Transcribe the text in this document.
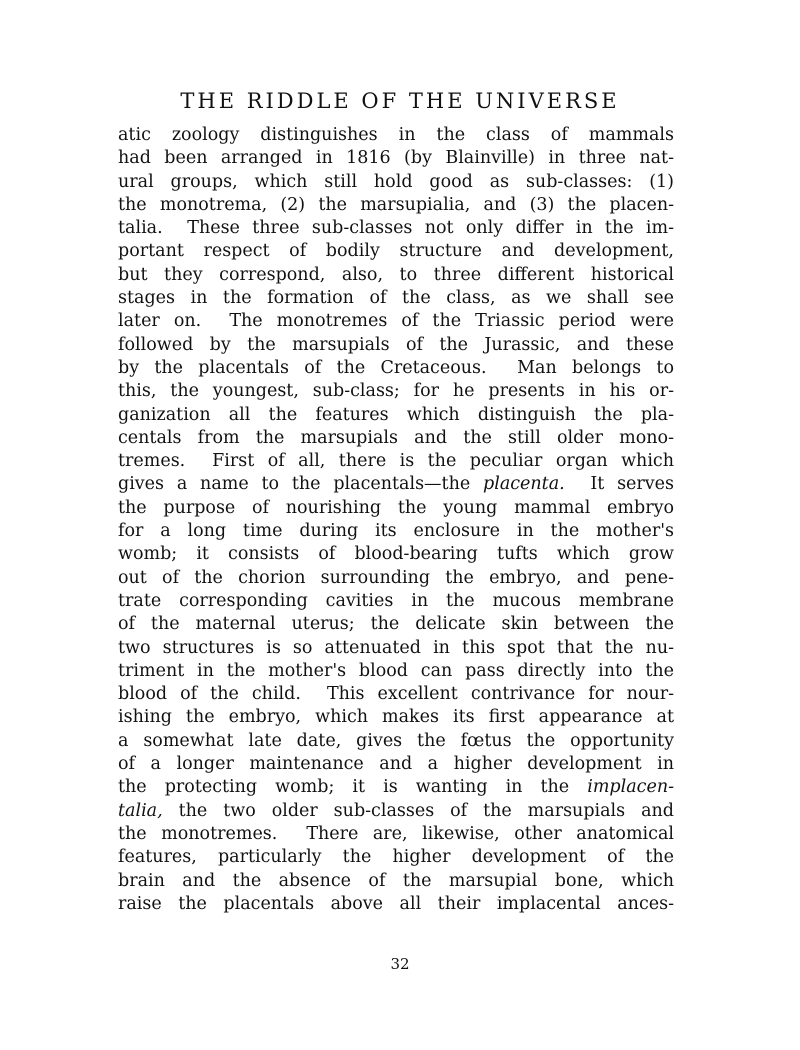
THE RIDDLE OF THE UNIVERSE
atic zoology distinguishes in the class of mammals
had been arranged in 1816 (by Blainville) in three nat-
ural groups, which still hold good as sub-classes: (1)
the monotrema, (2) the marsupialia, and (3) the placen-
talia.  These three sub-classes not only differ in the im-
portant respect of bodily structure and development,
but they correspond, also, to three different historical
stages in the formation of the class, as we shall see
later on.  The monotremes of the Triassic period were
followed by the marsupials of the Jurassic, and these
by the placentals of the Cretaceous.  Man belongs to
this, the youngest, sub-class; for he presents in his or-
ganization all the features which distinguish the pla-
centals from the marsupials and the still older mono-
tremes.  First of all, there is the peculiar organ which
gives a name to the placentals—the placenta.  It serves
the purpose of nourishing the young mammal embryo
for a long time during its enclosure in the mother's
womb; it consists of blood-bearing tufts which grow
out of the chorion surrounding the embryo, and pene-
trate corresponding cavities in the mucous membrane
of the maternal uterus; the delicate skin between the
two structures is so attenuated in this spot that the nu-
triment in the mother's blood can pass directly into the
blood of the child.  This excellent contrivance for nour-
ishing the embryo, which makes its first appearance at
a somewhat late date, gives the fœtus the opportunity
of a longer maintenance and a higher development in
the protecting womb; it is wanting in the implacen-
talia, the two older sub-classes of the marsupials and
the monotremes.  There are, likewise, other anatomical
features, particularly the higher development of the
brain and the absence of the marsupial bone, which
raise the placentals above all their implacental ances-
32
